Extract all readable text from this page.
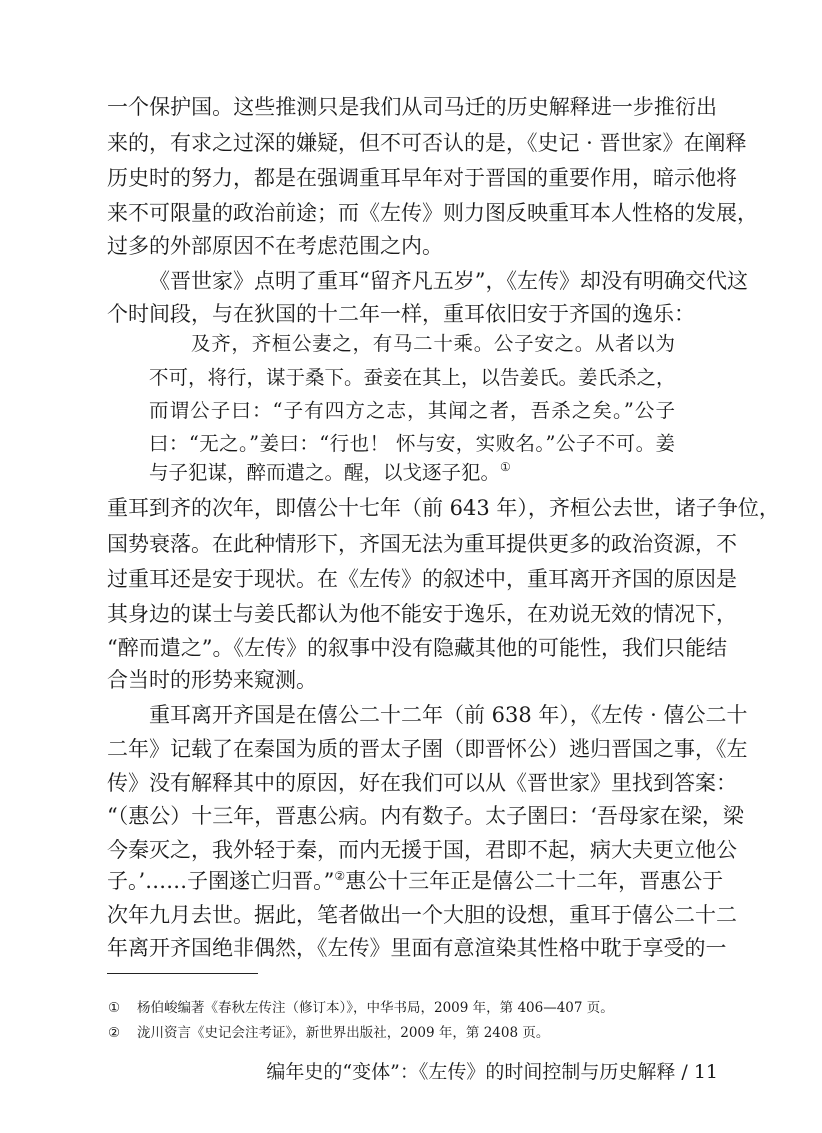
一个保护国。这些推测只是我们从司马迁的历史解释进一步推衍出
来的，有求之过深的嫌疑，但不可否认的是，《史记 · 晋世家》在阐释
历史时的努力，都是在强调重耳早年对于晋国的重要作用，暗示他将
来不可限量的政治前途；而《左传》则力图反映重耳本人性格的发展，
过多的外部原因不在考虑范围之内。
《晋世家》点明了重耳“留齐凡五岁”，《左传》却没有明确交代这
个时间段，与在狄国的十二年一样，重耳依旧安于齐国的逸乐：
及齐，齐桓公妻之，有马二十乘。公子安之。从者以为
不可，将行，谋于桑下。蚕妾在其上，以告姜氏。姜氏杀之，
而谓公子曰：“子有四方之志，其闻之者，吾杀之矣。”公子
曰：“无之。”姜曰：“行也！ 怀与安，实败名。”公子不可。姜
与子犯谋，醉而遣之。醒，以戈逐子犯。①
重耳到齐的次年，即僖公十七年（前 643 年），齐桓公去世，诸子争位，
国势衰落。在此种情形下，齐国无法为重耳提供更多的政治资源，不
过重耳还是安于现状。在《左传》的叙述中，重耳离开齐国的原因是
其身边的谋士与姜氏都认为他不能安于逸乐，在劝说无效的情况下，
“醉而遣之”。《左传》的叙事中没有隐藏其他的可能性，我们只能结
合当时的形势来窥测。
重耳离开齐国是在僖公二十二年（前 638 年），《左传 · 僖公二十
二年》记载了在秦国为质的晋太子圉（即晋怀公）逃归晋国之事，《左
传》没有解释其中的原因，好在我们可以从《晋世家》里找到答案：
“（惠公）十三年，晋惠公病。内有数子。太子圉曰：‘吾母家在梁，梁
今秦灭之，我外轻于秦，而内无援于国，君即不起，病大夫更立他公
子。’……子圉遂亡归晋。”②惠公十三年正是僖公二十二年，晋惠公于
次年九月去世。据此，笔者做出一个大胆的设想，重耳于僖公二十二
年离开齐国绝非偶然，《左传》里面有意渲染其性格中耽于享受的一
① 杨伯峻编著《春秋左传注（修订本）》，中华书局，2009 年，第 406—407 页。
② 泷川资言《史记会注考证》，新世界出版社，2009 年，第 2408 页。
编年史的“变体”：《左传》的时间控制与历史解释 / 11
